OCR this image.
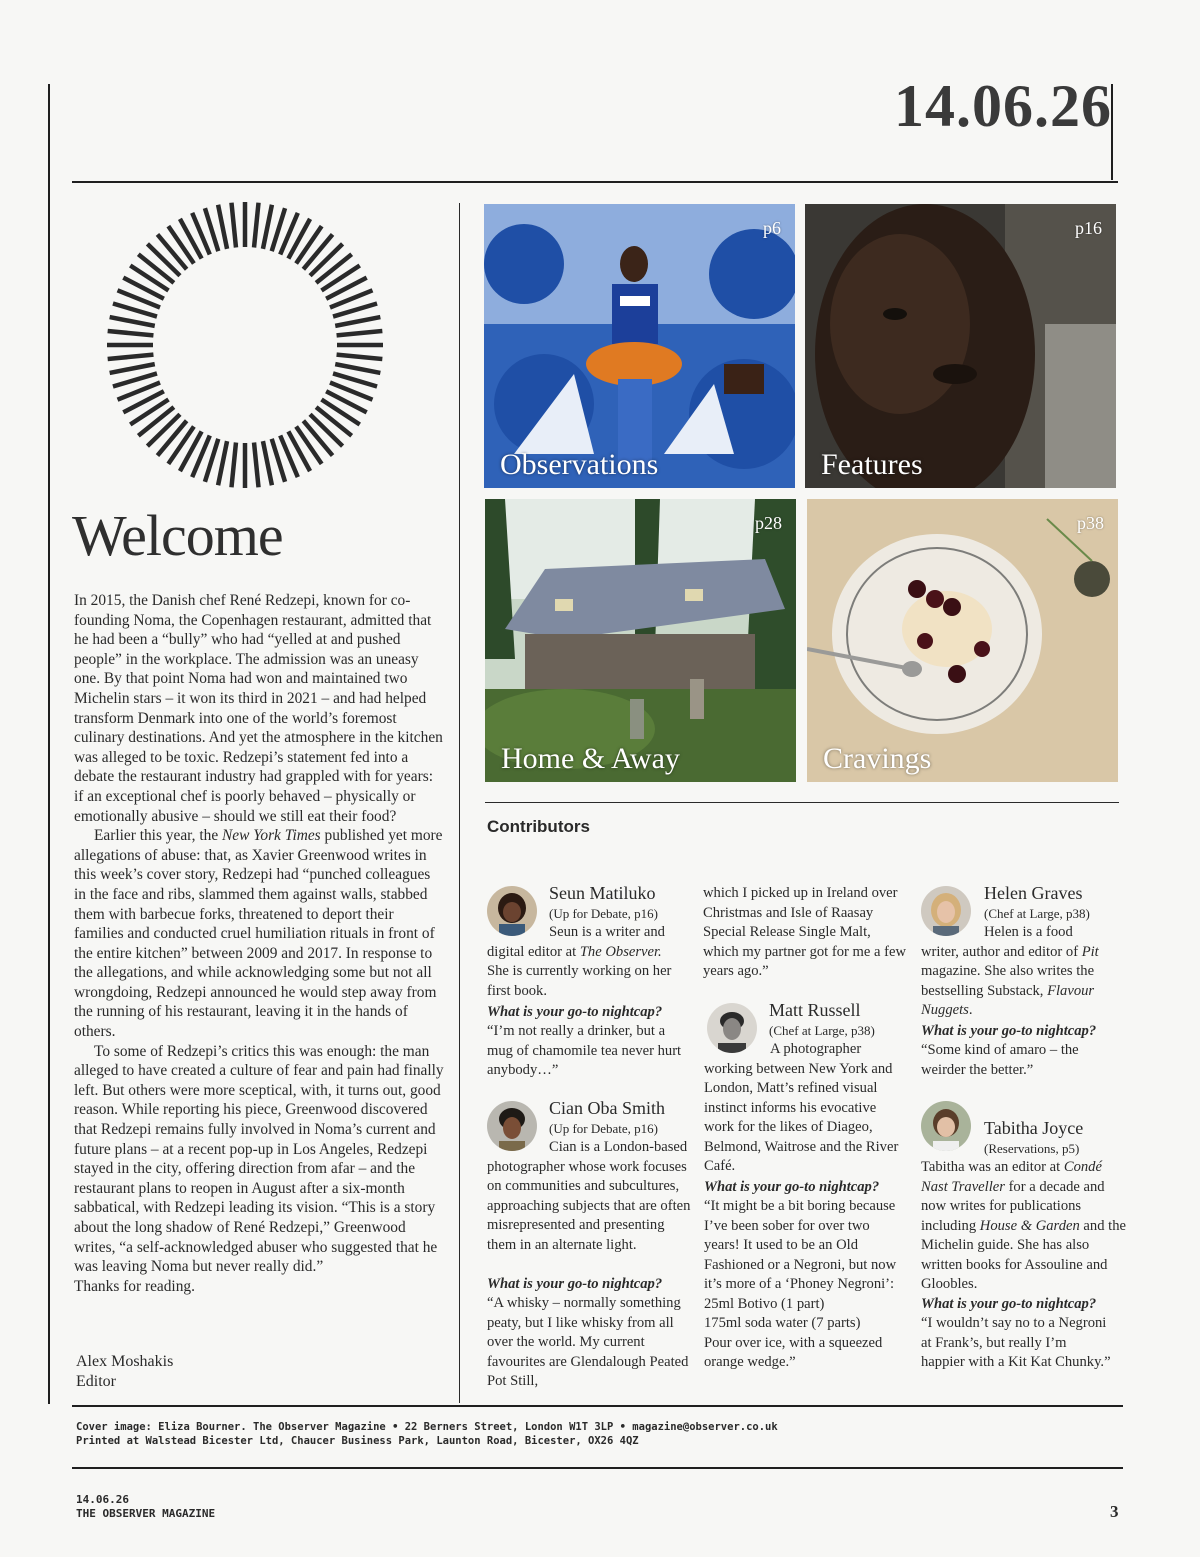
14.06.26
Welcome

In 2015, the Danish chef René Redzepi, known for co-founding Noma, the Copenhagen restaurant, admitted that he had been a “bully” who had “yelled at and pushed people” in the workplace. The admission was an uneasy one. By that point Noma had won and maintained two Michelin stars – it won its third in 2021 – and had helped transform Denmark into one of the world’s foremost culinary destinations. And yet the atmosphere in the kitchen was alleged to be toxic. Redzepi’s statement fed into a debate the restaurant industry had grappled with for years: if an exceptional chef is poorly behaved – physically or emotionally abusive – should we still eat their food?

Earlier this year, the New York Times published yet more allegations of abuse: that, as Xavier Greenwood writes in this week’s cover story, Redzepi had “punched colleagues in the face and ribs, slammed them against walls, stabbed them with barbecue forks, threatened to deport their families and conducted cruel humiliation rituals in front of the entire kitchen” between 2009 and 2017. In response to the allegations, and while acknowledging some but not all wrongdoing, Redzepi announced he would step away from the running of his restaurant, leaving it in the hands of others.

To some of Redzepi’s critics this was enough: the man alleged to have created a culture of fear and pain had finally left. But others were more sceptical, with, it turns out, good reason. While reporting his piece, Greenwood discovered that Redzepi remains fully involved in Noma’s current and future plans – at a recent pop-up in Los Angeles, Redzepi stayed in the city, offering direction from afar – and the restaurant plans to reopen in August after a six-month sabbatical, with Redzepi leading its vision. “This is a story about the long shadow of René Redzepi,” Greenwood writes, “a self-acknowledged abuser who suggested that he was leaving Noma but never really did.”

Thanks for reading.

Alex Moshakis
Editor
p6
Observations
p16
Features
p28
Home & Away
p38
Cravings
Contributors
Seun Matiluko
(Up for Debate, p16)
Seun is a writer and digital editor at The Observer. She is currently working on her first book.
What is your go-to nightcap?
“I’m not really a drinker, but a mug of chamomile tea never hurt anybody…”
Cian Oba Smith
(Up for Debate, p16)
Cian is a London-based photographer whose work focuses on communities and subcultures, approaching subjects that are often misrepresented and presenting them in an alternate light.
What is your go-to nightcap?
“A whisky – normally something peaty, but I like whisky from all over the world. My current favourites are Glendalough Peated Pot Still,
which I picked up in Ireland over Christmas and Isle of Raasay Special Release Single Malt, which my partner got for me a few years ago.”
Matt Russell
(Chef at Large, p38)
A photographer working between New York and London, Matt’s refined visual instinct informs his evocative work for the likes of Diageo, Belmond, Waitrose and the River Café.
What is your go-to nightcap?
“It might be a bit boring because I’ve been sober for over two years! It used to be an Old Fashioned or a Negroni, but now it’s more of a ‘Phoney Negroni’:
25ml Botivo (1 part)
175ml soda water (7 parts)
Pour over ice, with a squeezed orange wedge.”
Helen Graves
(Chef at Large, p38)
Helen is a food writer, author and editor of Pit magazine. She also writes the bestselling Substack, Flavour Nuggets.
What is your go-to nightcap?
“Some kind of amaro – the weirder the better.”
Tabitha Joyce
(Reservations, p5)
Tabitha was an editor at Condé Nast Traveller for a decade and now writes for publications including House & Garden and the Michelin guide. She has also written books for Assouline and Gloobles.
What is your go-to nightcap?
“I wouldn’t say no to a Negroni at Frank’s, but really I’m happier with a Kit Kat Chunky.”
Cover image: Eliza Bourner. The Observer Magazine • 22 Berners Street, London W1T 3LP • magazine@observer.co.uk
Printed at Walstead Bicester Ltd, Chaucer Business Park, Launton Road, Bicester, OX26 4QZ
14.06.26
THE OBSERVER MAGAZINE	3
